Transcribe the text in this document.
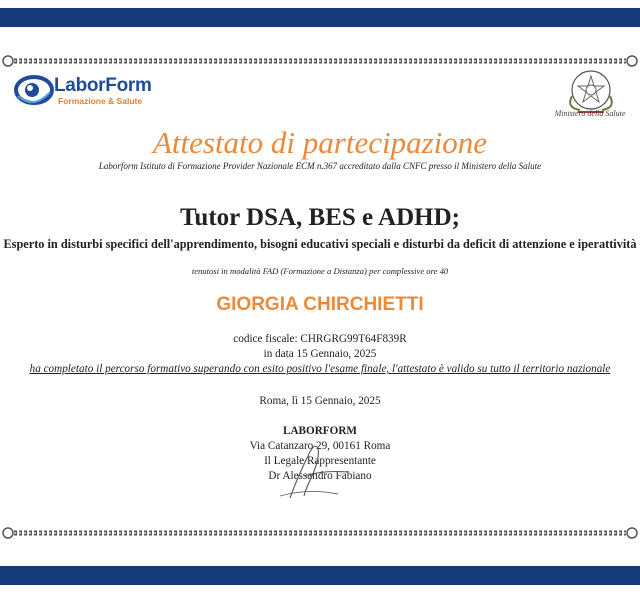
LaborForm
Formazione & Salute
Ministero della Salute
Attestato di partecipazione
Laborform Istituto di Formazione Provider Nazionale ECM n.367 accreditato dalla CNFC presso il Ministero della Salute
Tutor DSA, BES e ADHD;
Esperto in disturbi specifici dell'apprendimento, bisogni educativi speciali e disturbi da deficit di attenzione e iperattività
tenutosi in modalità FAD (Formazione a Distanza) per complessive ore 40
GIORGIA CHIRCHIETTI
codice fiscale: CHRGRG99T64F839R
in data 15 Gennaio, 2025
ha completato il percorso formativo superando con esito positivo l'esame finale, l'attestato è valido su tutto il territorio nazionale
Roma, lì 15 Gennaio, 2025
LABORFORM
Via Catanzaro 29, 00161 Roma
Il Legale Rappresentante
Dr Alessandro Fabiano
